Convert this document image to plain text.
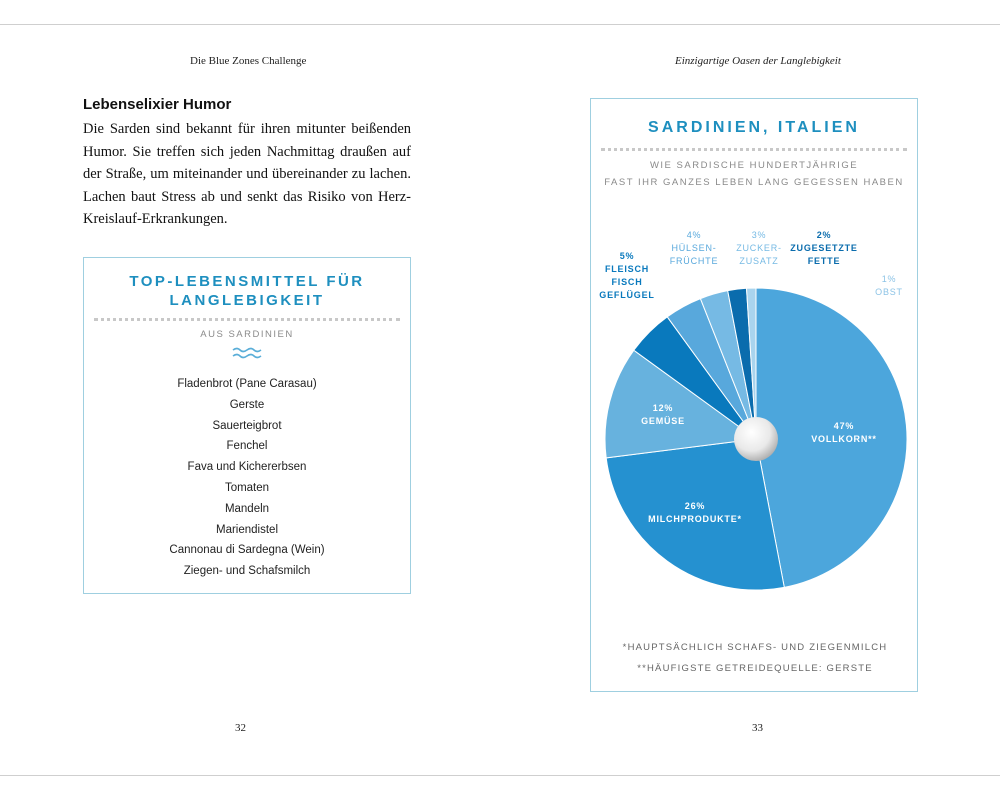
Die Blue Zones Challenge	Einzigartige Oasen der Langlebigkeit
Lebenselixier Humor
Die Sarden sind bekannt für ihren mitunter beißenden Humor. Sie treffen sich jeden Nachmittag draußen auf der Straße, um miteinander und übereinander zu lachen. Lachen baut Stress ab und senkt das Risiko von Herz-Kreislauf-Erkrankungen.
TOP-LEBENSMITTEL FÜR
LANGLEBIGKEIT
AUS SARDINIEN
Fladenbrot (Pane Carasau)
Gerste
Sauerteigbrot
Fenchel
Fava und Kichererbsen
Tomaten
Mandeln
Mariendistel
Cannonau di Sardegna (Wein)
Ziegen- und Schafsmilch
SARDINIEN, ITALIEN
WIE SARDISCHE HUNDERTJÄHRIGE
FAST IHR GANZES LEBEN LANG GEGESSEN HABEN
47% VOLLKORN**
26% MILCHPRODUKTE*
12% GEMÜSE
5% FLEISCH FISCH GEFLÜGEL
4% HÜLSEN-FRÜCHTE
3% ZUCKER-ZUSATZ
2% ZUGESETZTE FETTE
1% OBST
*HAUPTSÄCHLICH SCHAFS- UND ZIEGENMILCH
**HÄUFIGSTE GETREIDEQUELLE: GERSTE
32	33
